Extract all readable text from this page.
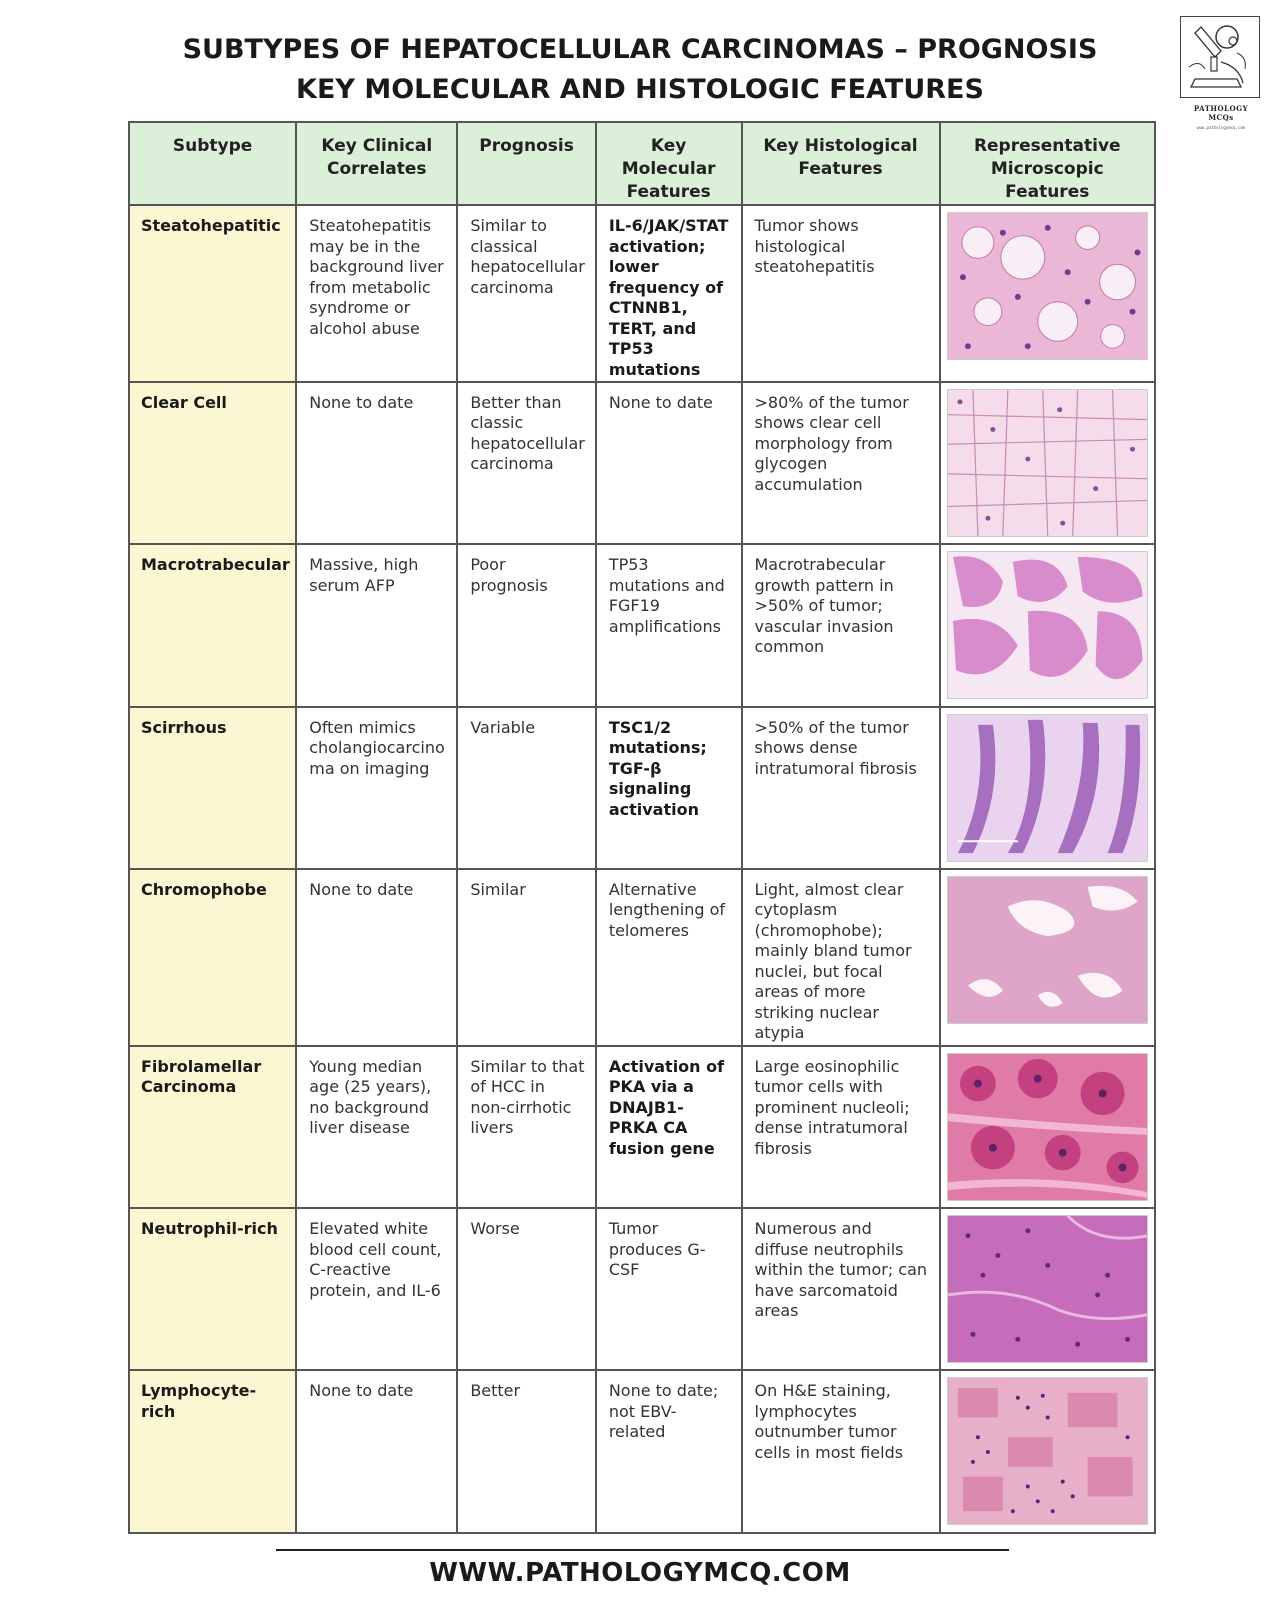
SUBTYPES OF HEPATOCELLULAR CARCINOMAS – PROGNOSIS
KEY MOLECULAR AND HISTOLOGIC FEATURES
PATHOLOGY MCQs
www.pathologymcq.com
Subtype	Key Clinical Correlates	Prognosis	Key Molecular Features	Key Histological Features	Representative Microscopic Features
Steatohepatitic	Steatohepatitis may be in the background liver from metabolic syndrome or alcohol abuse	Similar to classical hepatocellular carcinoma	IL-6/JAK/STAT activation; lower frequency of CTNNB1, TERT, and TP53 mutations	Tumor shows histological steatohepatitis	

Clear Cell	None to date	Better than classic hepatocellular carcinoma	None to date	>80% of the tumor shows clear cell morphology from glycogen accumulation	

Macrotrabecular	Massive, high serum AFP	Poor prognosis	TP53 mutations and FGF19 amplifications	Macrotrabecular growth pattern in >50% of tumor; vascular invasion common	

Scirrhous	Often mimics cholangiocarcino ma on imaging	Variable	TSC1/2 mutations; TGF-β signaling activation	>50% of the tumor shows dense intratumoral fibrosis	

Chromophobe	None to date	Similar	Alternative lengthening of telomeres	Light, almost clear cytoplasm (chromophobe); mainly bland tumor nuclei, but focal areas of more striking nuclear atypia	

Fibrolamellar Carcinoma	Young median age (25 years), no background liver disease	Similar to that of HCC in non-cirrhotic livers	Activation of PKA via a DNAJB1-PRKA CA fusion gene	Large eosinophilic tumor cells with prominent nucleoli; dense intratumoral fibrosis	

Neutrophil-rich	Elevated white blood cell count, C-reactive protein, and IL-6	Worse	Tumor produces G-CSF	Numerous and diffuse neutrophils within the tumor; can have sarcomatoid areas	

Lymphocyte-rich	None to date	Better	None to date; not EBV-related	On H&E staining, lymphocytes outnumber tumor cells in most fields	
WWW.PATHOLOGYMCQ.COM
